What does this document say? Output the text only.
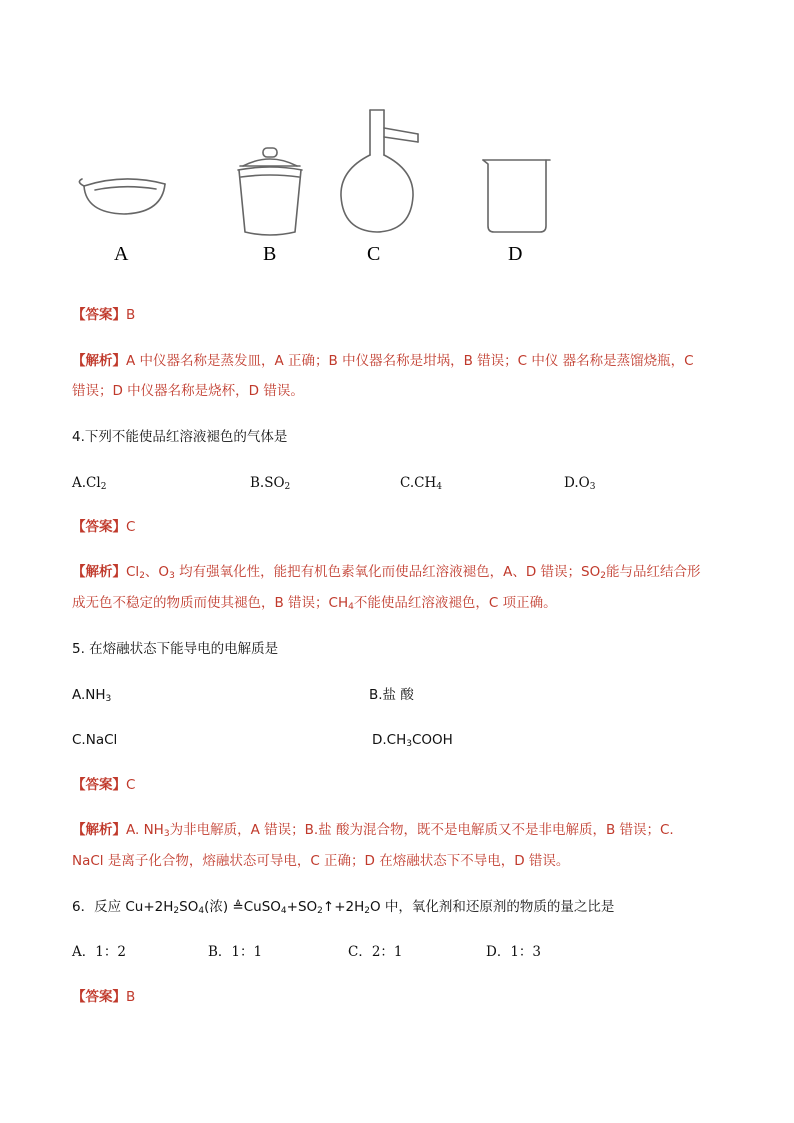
A	B	C	D
【答案】B
【解析】A 中仪器名称是蒸发皿，A 正确；B 中仪器名称是坩埚，B 错误；C 中仪 器名称是蒸馏烧瓶，C
错误；D 中仪器名称是烧杯，D 错误。
4.下列不能使品红溶液褪色的气体是
$A.Cl_2$	$B.SO_2$	$C.CH_4$	$D.O_3$
【答案】C
【解析】$Cl_2$、$O_3$ 均有强氧化性，能把有机色素氧化而使品红溶液褪色，A、D 错误；$SO_2$能与品红结合形
成无色不稳定的物质而使其褪色，B 错误；$CH_4$不能使品红溶液褪色，C 项正确。
5. 在熔融状态下能导电的电解质是
$A.NH_3$	B.盐 酸
C.NaCl	$D.CH_3COOH$
【答案】C
【解析】A. $NH_3$为非电解质，A 错误；B.盐 酸为混合物，既不是电解质又不是非电解质，B 错误；C.
NaCl 是离子化合物，熔融状态可导电，C 正确；D 在熔融状态下不导电，D 错误。
6．反应 $Cu+2H_2SO_4$(浓) $≜CuSO_4+SO_2↑+2H_2O$ 中，氧化剂和还原剂的物质的量之比是
A．1：2	B．1：1	C．2：1	D．1：3
【答案】B
